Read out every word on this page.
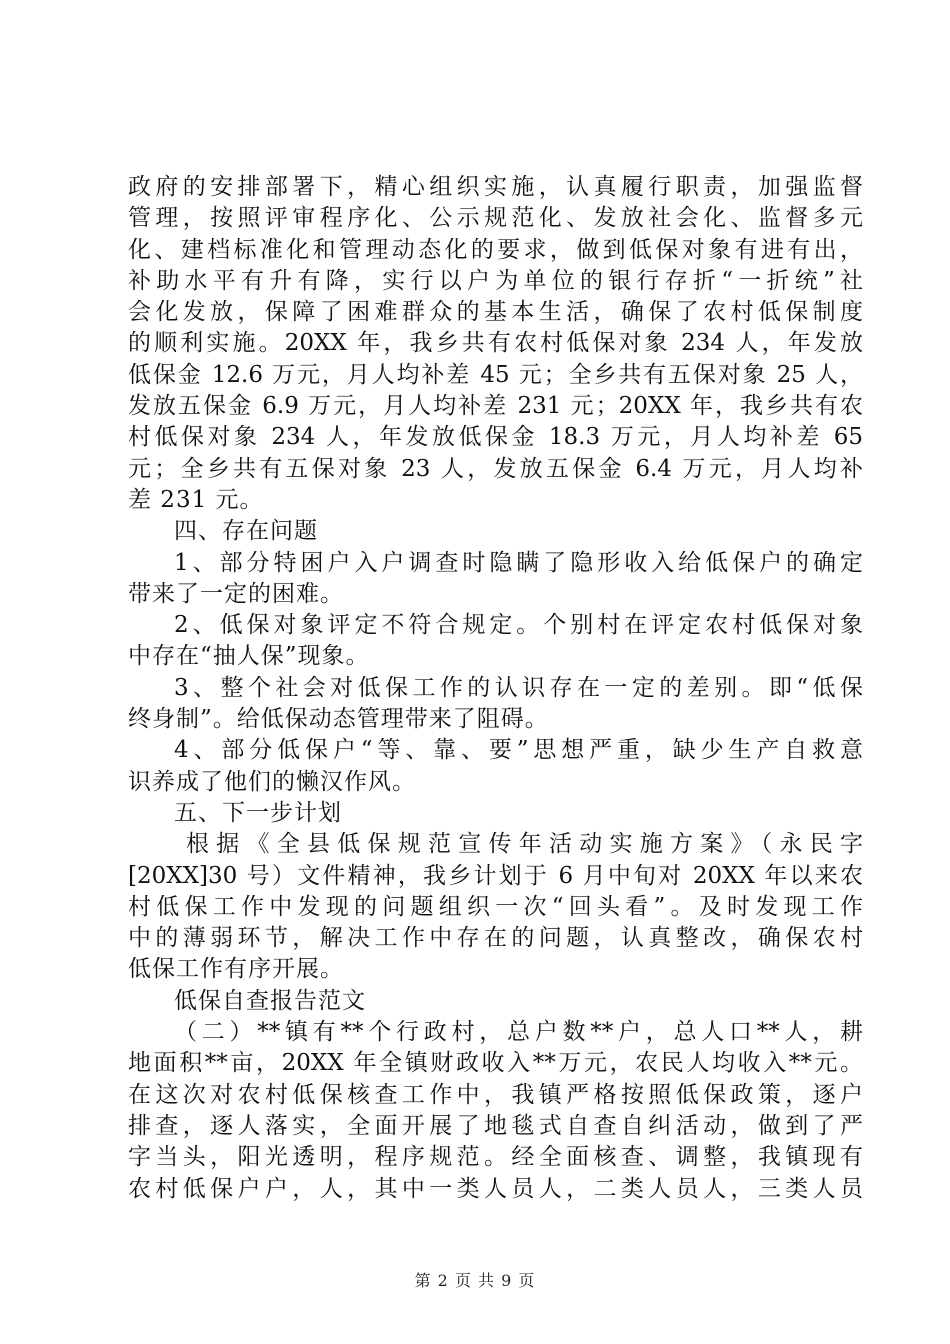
政府的安排部署下，精心组织实施，认真履行职责，加强监督
管理，按照评审程序化、公示规范化、发放社会化、监督多元
化、建档标准化和管理动态化的要求，做到低保对象有进有出，
补助水平有升有降，实行以户为单位的银行存折“一折统”社
会化发放，保障了困难群众的基本生活，确保了农村低保制度
的顺利实施。20XX 年，我乡共有农村低保对象 234 人，年发放
低保金 12.6 万元，月人均补差 45 元；全乡共有五保对象 25 人，
发放五保金 6.9 万元，月人均补差 231 元；20XX 年，我乡共有农
村低保对象 234 人，年发放低保金 18.3 万元，月人均补差 65
元；全乡共有五保对象 23 人，发放五保金 6.4 万元，月人均补
差 231 元。
四、存在问题
1、部分特困户入户调查时隐瞒了隐形收入给低保户的确定
带来了一定的困难。
2、低保对象评定不符合规定。个别村在评定农村低保对象
中存在“抽人保”现象。
3、整个社会对低保工作的认识存在一定的差别。即“低保
终身制”。给低保动态管理带来了阻碍。
4、部分低保户“等、靠、要”思想严重，缺少生产自救意
识养成了他们的懒汉作风。
五、下一步计划
根据《全县低保规范宣传年活动实施方案》（永民字
[20XX]30 号）文件精神，我乡计划于 6 月中旬对 20XX 年以来农
村低保工作中发现的问题组织一次“回头看”。及时发现工作
中的薄弱环节，解决工作中存在的问题，认真整改，确保农村
低保工作有序开展。
低保自查报告范文
（二）**镇有**个行政村，总户数**户，总人口**人，耕
地面积**亩，20XX 年全镇财政收入**万元，农民人均收入**元。
在这次对农村低保核查工作中，我镇严格按照低保政策，逐户
排查，逐人落实，全面开展了地毯式自查自纠活动，做到了严
字当头，阳光透明，程序规范。经全面核查、调整，我镇现有
农村低保户户，人，其中一类人员人，二类人员人，三类人员
第 2 页 共 9 页
